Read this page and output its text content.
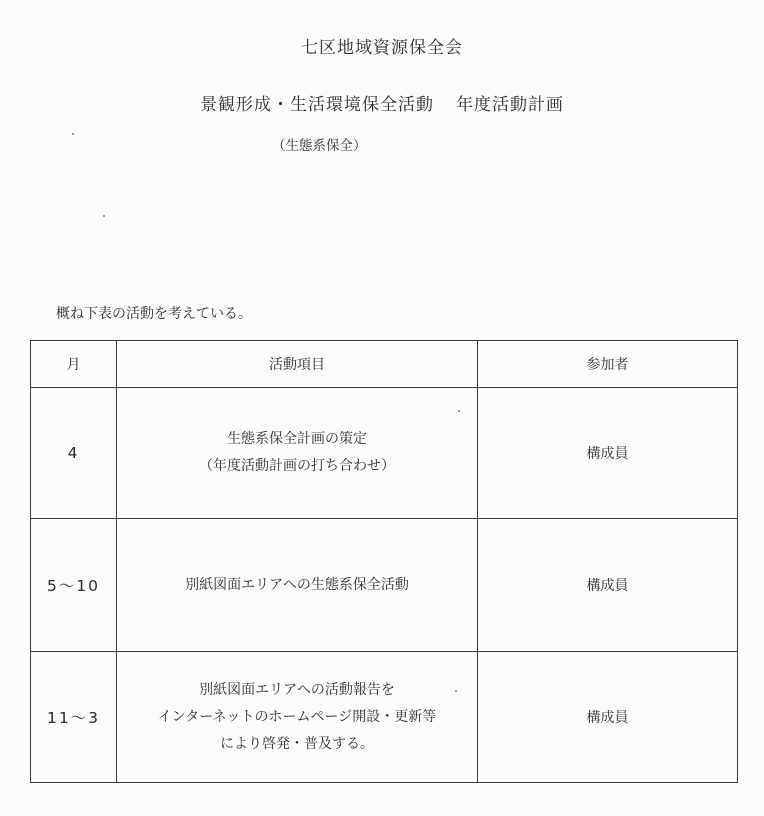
七区地域資源保全会
景観形成・生活環境保全活動 年度活動計画
（生態系保全）
概ね下表の活動を考えている。
月	活動項目	参加者
4	生態系保全計画の策定
（年度活動計画の打ち合わせ）	構成員
5〜10	別紙図面エリアへの生態系保全活動	構成員
11〜3	別紙図面エリアへの活動報告を
インターネットのホームページ開設・更新等
により啓発・普及する。	構成員
